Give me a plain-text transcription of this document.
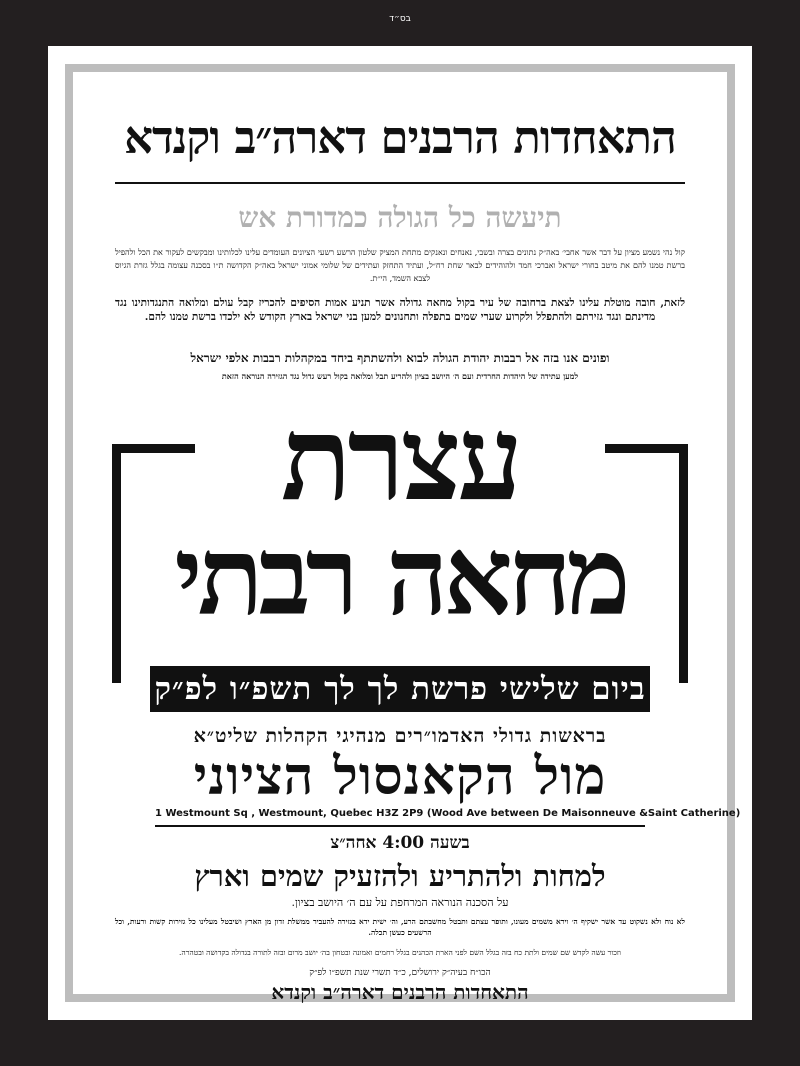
בס״ד
התאחדות הרבנים דארה״ב וקנדא
תיעשה כל הגולה כמדורת אש
קול נהי נשמע מציון על דבר אשר אחבי׳ באה״ק נתונים בצרה ובשבי, נאנחים ונאנקים מתחת המציק שלטון הרשע רשעי הציונים העומדים עלינו לכלותינו ומבקשים לעקור את הכל ולהפיל ברשת טמנו להם את מיטב בחורי ישראל ואברכי חמד ולהוהידים לבאר שחת רח״ל, ועתיד התחזק ועתידים של שלומי אמוני ישראל באה״ק הקדושה ת״ו בסכנה עצומה בגלל גזרת הגיוס לצבא השמד, הי״ת.
לזאת, חובה מוטלת עלינו לצאת ברחובה של עיר בקול מחאה גדולה אשר תניע אמות הסיפים להכריז קבל עולם ומלואה התנגדותינו נגד מדינתם ונגד גזירתם ולהתפלל ולקרוע שערי שמים בתפלה ותחנונים למען בני ישראל בארץ הקודש לא ילכדו ברשת טמנו להם.
ופונים אנו בזה אל רבבות יהודת הגולה לבוא ולהשתתף ביחד במקהלות רבבות אלפי ישראל
למען עתידה של היהדות החרדית ועם ה׳ היושב בציון ולהריע תבל ומלואה בקול רעש גדול נגד הגזירה הנוראה הזאת
עצרת
מחאה רבתי
ביום שלישי פרשת לך לך תשפ״ו לפ״ק
בראשות גדולי האדמו״רים מנהיגי הקהלות שליט״א
מול הקאנסול הציוני
1 Westmount Sq , Westmount, Quebec H3Z 2P9 (Wood Ave between De Maisonneuve &Saint Catherine)
בשעה 4:00 אחה״צ
למחות ולהתריע ולהזעיק שמים וארץ
על הסכנה הנוראה המרחפת על עם ה׳ היושב בציון.
לא נוח ולא נשקוט עד אשר ישקיף ה׳ וירא משמים מעונו, ותופר עצתם ותבטל מחשבתם הרע, וה׳ ישית ידא בגזירה להעביר ממשלת זדון מן הארץ ושיבטל מעלינו כל גזירות קשות ורעות, וכל הרשעים כעשן תכלה.
וזכור עשה לקדש שם שמים ולתת כח בזה בגלל השם לפני הארת הכהנים בגלל רחמים ואמונה ובטחון בה׳ יושב מרום ובזה לתורה בגדולה בקדושה ובטהרה.
הכו״ח בעיה״ק ירושלים, כ״ד תשרי שנת תשפ״ו לפ״ק
התאחדות הרבנים דארה״ב וקנדא
